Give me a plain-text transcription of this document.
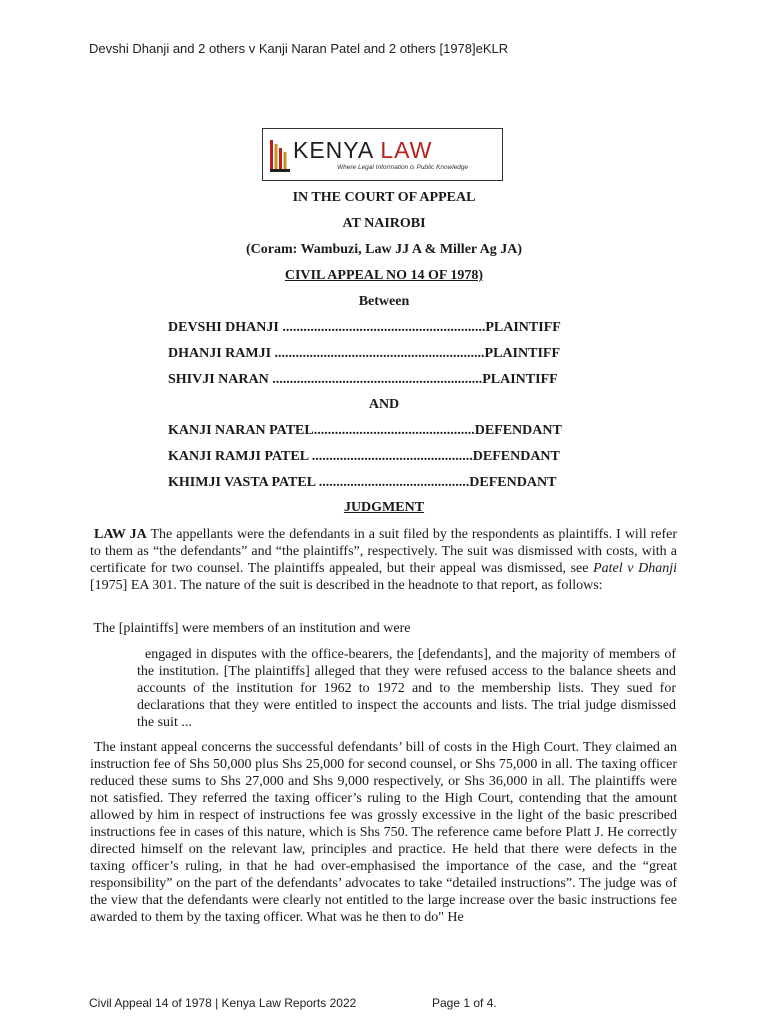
Devshi Dhanji and 2 others v Kanji Naran Patel and 2 others [1978]eKLR
KENYA LAW
Where Legal Information is Public Knowledge
IN THE COURT OF APPEAL
AT NAIROBI
(Coram: Wambuzi, Law JJ A & Miller Ag JA)
CIVIL APPEAL NO 14 OF 1978)
Between
DEVSHI DHANJI ..........................................................PLAINTIFF
DHANJI RAMJI ............................................................PLAINTIFF
SHIVJI NARAN ............................................................PLAINTIFF
AND
KANJI NARAN PATEL..............................................DEFENDANT
KANJI RAMJI PATEL ..............................................DEFENDANT
KHIMJI VASTA PATEL ...........................................DEFENDANT
JUDGMENT
LAW JA The appellants were the defendants in a suit filed by the respondents as plaintiffs. I will refer to them as “the defendants” and “the plaintiffs”, respectively. The suit was dismissed with costs, with a certificate for two counsel. The plaintiffs appealed, but their appeal was dismissed, see Patel v Dhanji [1975] EA 301. The nature of the suit is described in the headnote to that report, as follows:
The [plaintiffs] were members of an institution and were
engaged in disputes with the office-bearers, the [defendants], and the majority of members of the institution. [The plaintiffs] alleged that they were refused access to the balance sheets and accounts of the institution for 1962 to 1972 and to the membership lists. They sued for declarations that they were entitled to inspect the accounts and lists. The trial judge dismissed the suit ...
The instant appeal concerns the successful defendants’ bill of costs in the High Court. They claimed an instruction fee of Shs 50,000 plus Shs 25,000 for second counsel, or Shs 75,000 in all. The taxing officer reduced these sums to Shs 27,000 and Shs 9,000 respectively, or Shs 36,000 in all. The plaintiffs were not satisfied. They referred the taxing officer’s ruling to the High Court, contending that the amount allowed by him in respect of instructions fee was grossly excessive in the light of the basic prescribed instructions fee in cases of this nature, which is Shs 750. The reference came before Platt J. He correctly directed himself on the relevant law, principles and practice. He held that there were defects in the taxing officer’s ruling, in that he had over-emphasised the importance of the case, and the “great responsibility” on the part of the defendants’ advocates to take “detailed instructions”. The judge was of the view that the defendants were clearly not entitled to the large increase over the basic instructions fee awarded to them by the taxing officer. What was he then to do" He
Civil Appeal 14 of 1978 | Kenya Law Reports 2022	Page 1 of 4.
